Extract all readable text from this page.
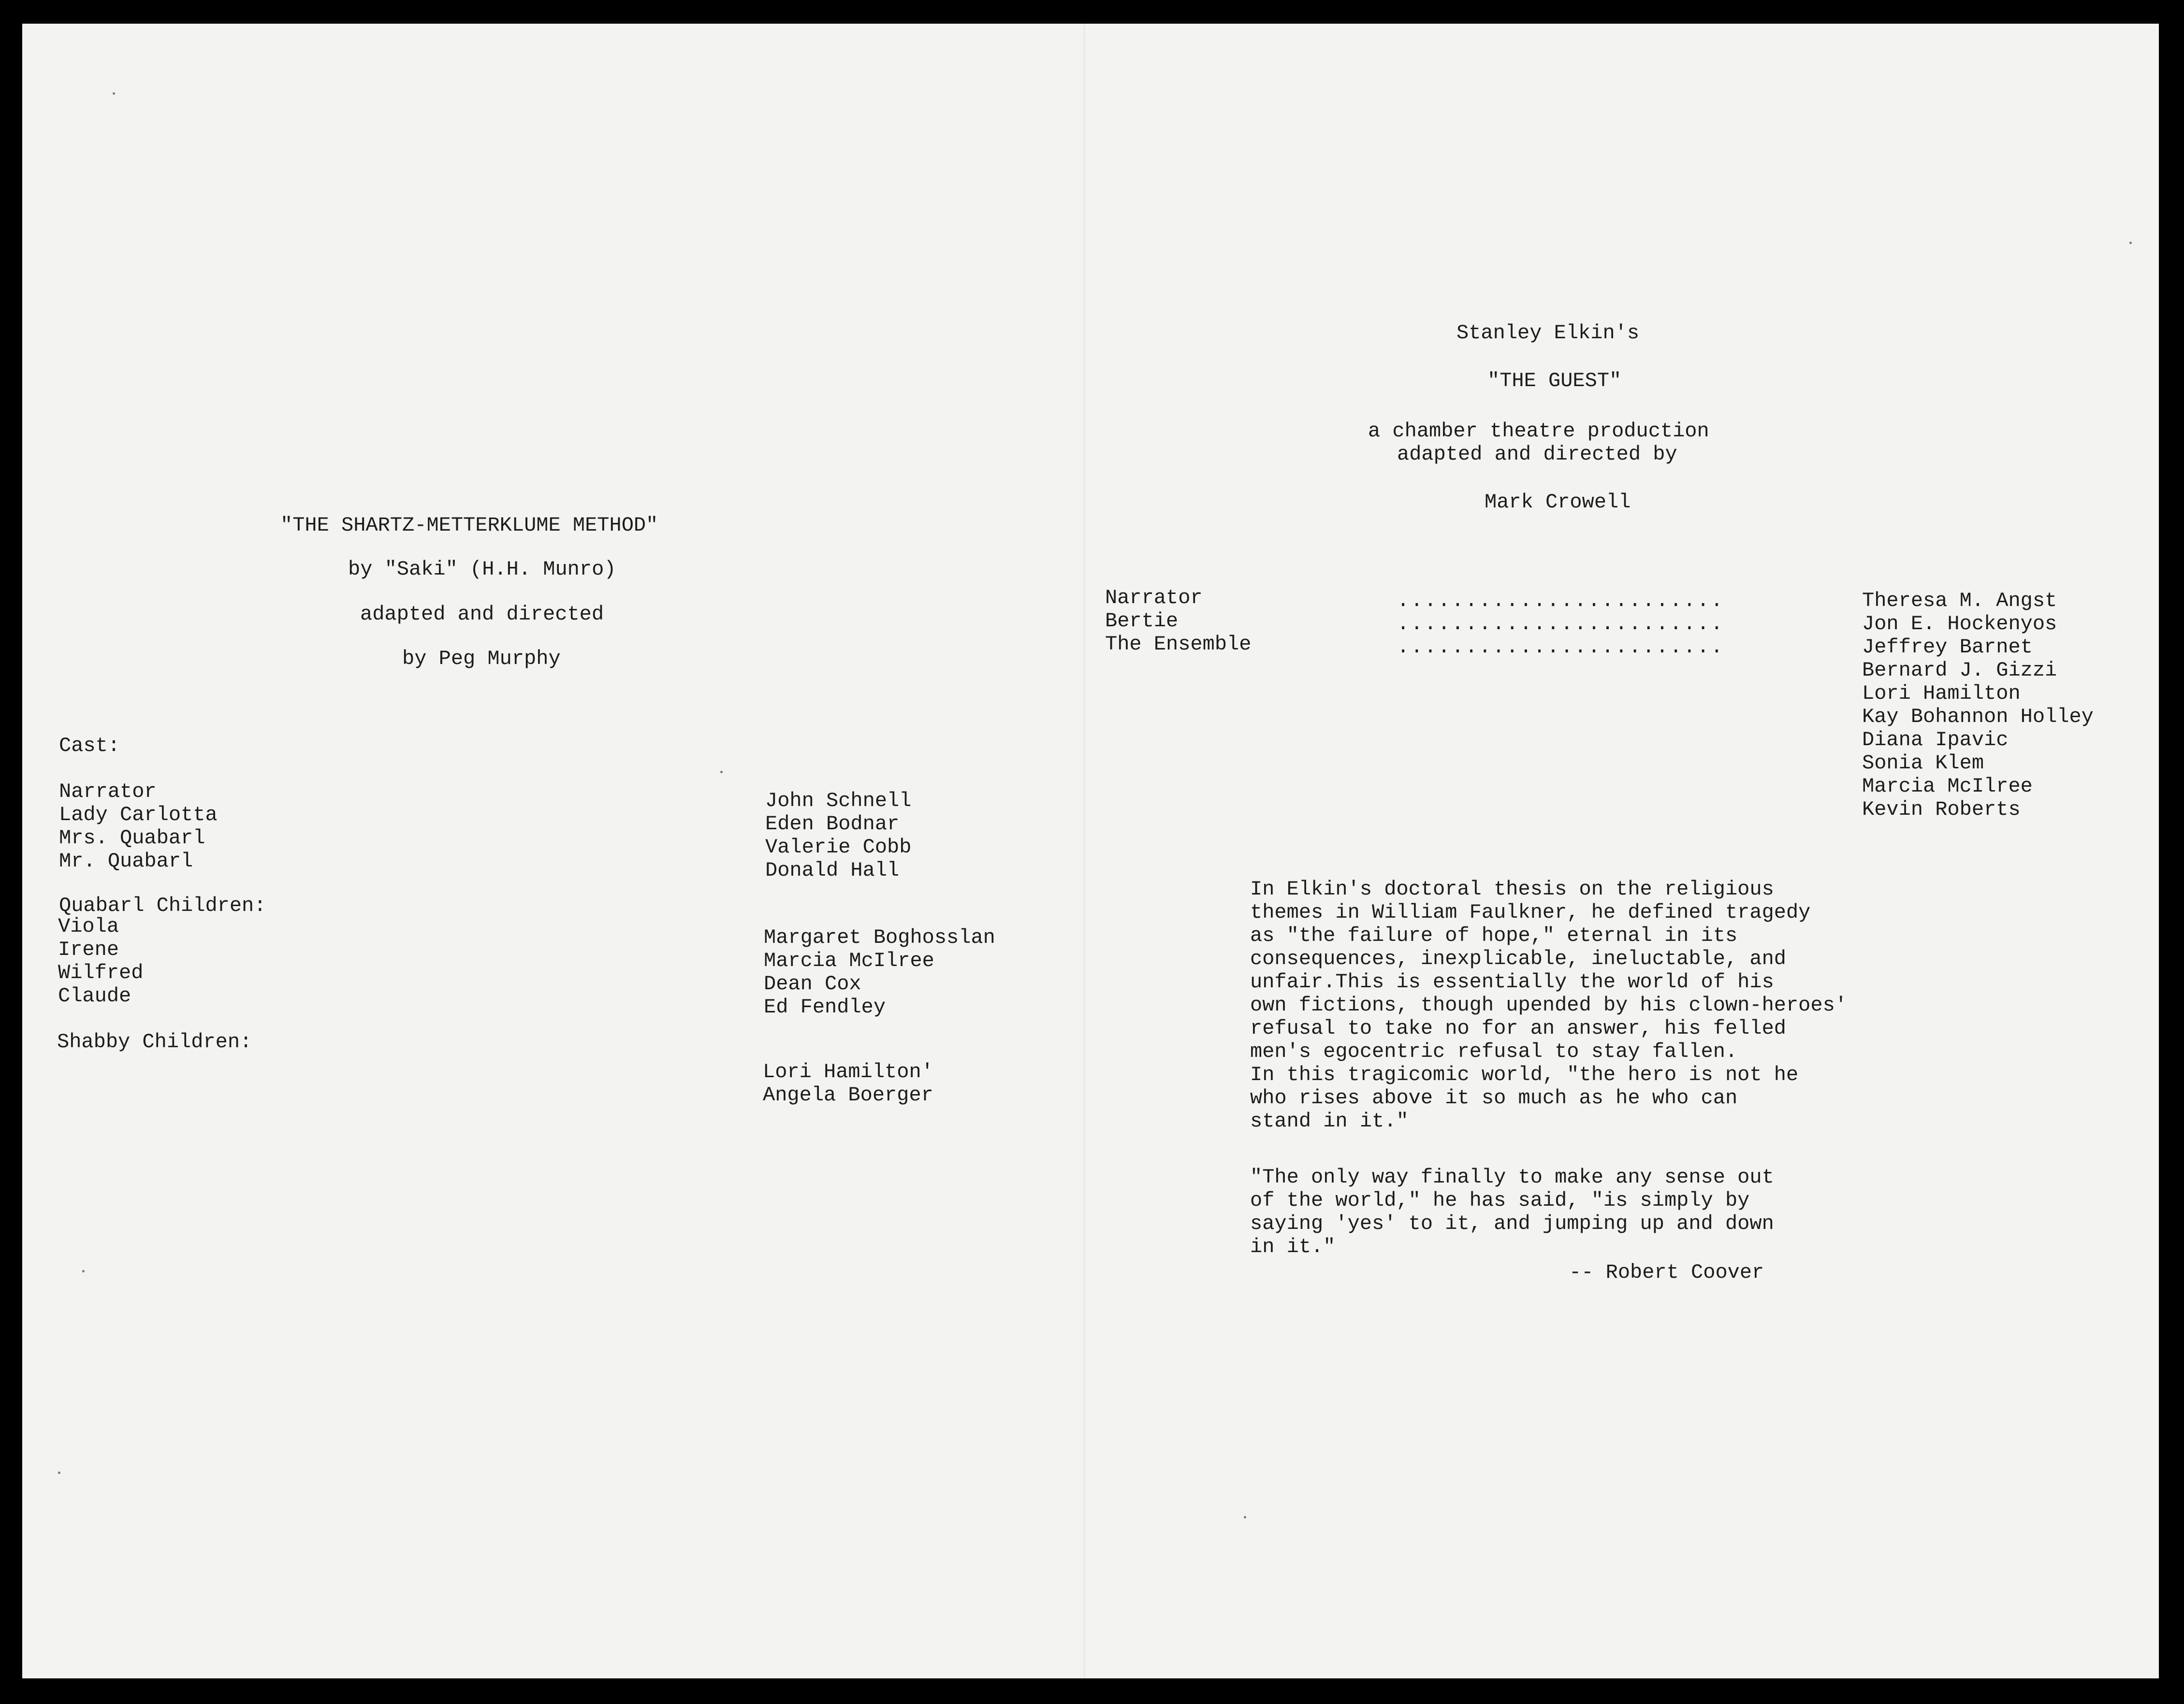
"THE SHARTZ-METTERKLUME METHOD"

by "Saki" (H.H. Munro)

adapted and directed

by Peg Murphy

Cast:

Narrator
Lady Carlotta
Mrs. Quabarl
Mr. Quabarl

Quabarl Children:

Viola
Irene
Wilfred
Claude

Shabby Children:

John Schnell
Eden Bodnar
Valerie Cobb
Donald Hall
Margaret Boghosslan
Marcia McIlree
Dean Cox
Ed Fendley
Lori Hamilton'
Angela Boerger

Stanley Elkin's

"THE GUEST"

a chamber theatre production

adapted and directed by

Mark Crowell

Narrator
Bertie
The Ensemble
........................
........................
........................
Theresa M. Angst
Jon E. Hockenyos
Jeffrey Barnet
Bernard J. Gizzi
Lori Hamilton
Kay Bohannon Holley
Diana Ipavic
Sonia Klem
Marcia McIlree
Kevin Roberts
In Elkin's doctoral thesis on the religious
themes in William Faulkner, he defined tragedy
as "the failure of hope," eternal in its
consequences, inexplicable, ineluctable, and
unfair.This is essentially the world of his
own fictions, though upended by his clown-heroes'
refusal to take no for an answer, his felled
men's egocentric refusal to stay fallen.
In this tragicomic world, "the hero is not he
who rises above it so much as he who can
stand in it."
"The only way finally to make any sense out
of the world," he has said, "is simply by
saying 'yes' to it, and jumping up and down
in it."

-- Robert Coover
